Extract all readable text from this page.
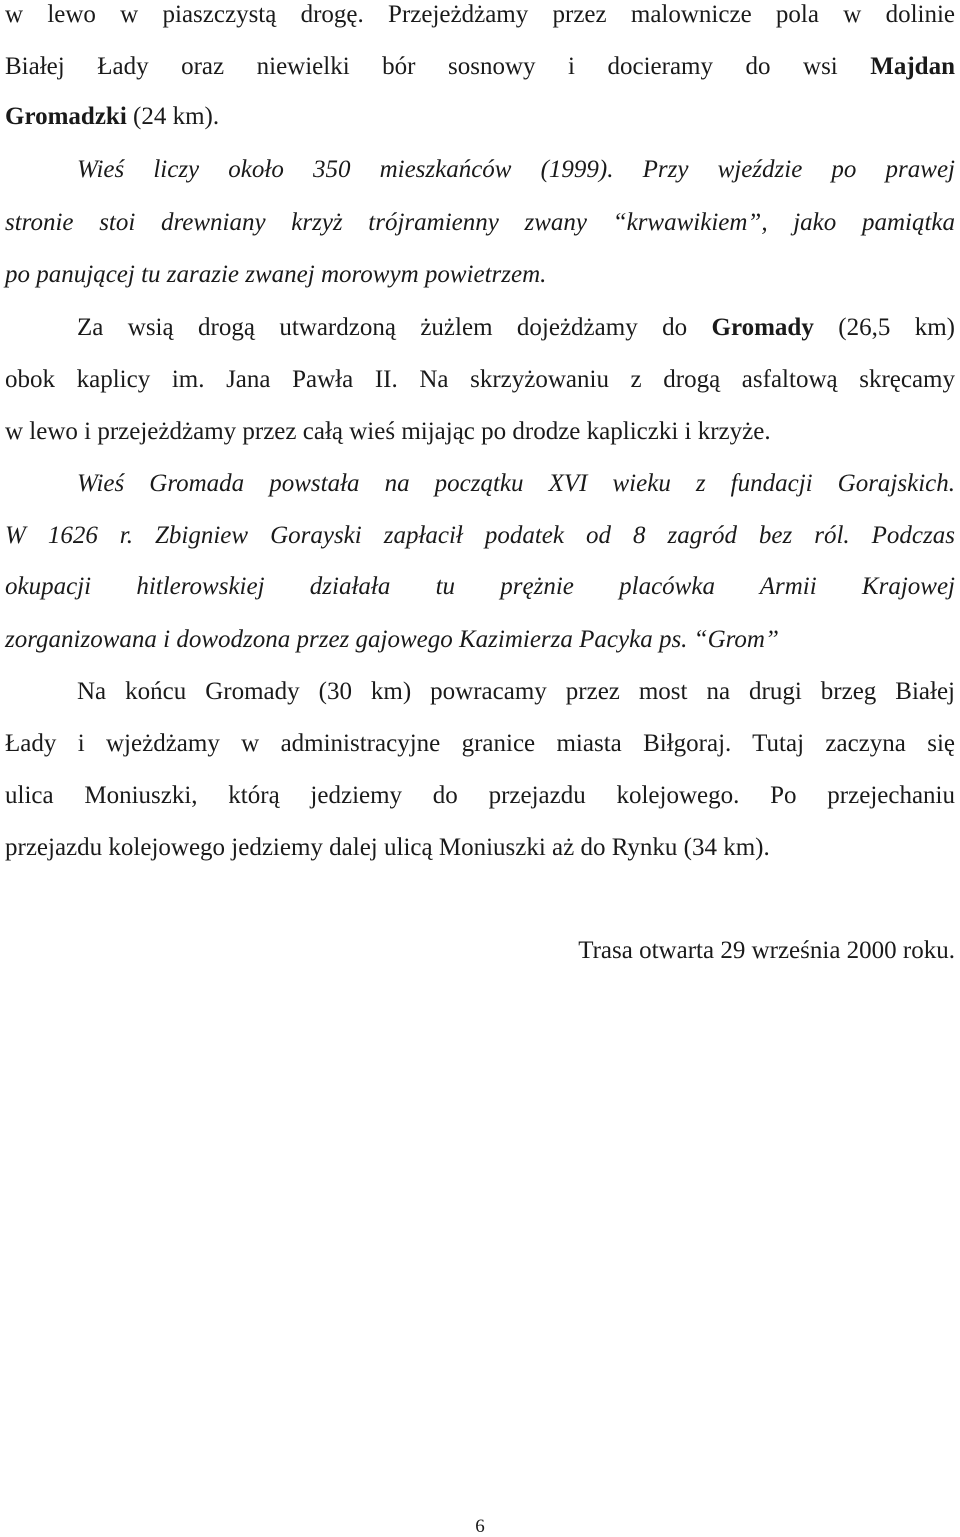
w lewo w piaszczystą drogę. Przejeżdżamy przez malownicze pola w dolinie
Białej Łady oraz niewielki bór sosnowy i docieramy do wsi Majdan
Gromadzki (24 km).
Wieś liczy około 350 mieszkańców (1999). Przy wjeździe po prawej
stronie stoi drewniany krzyż trójramienny zwany “krwawikiem”, jako pamiątka
po panującej tu zarazie zwanej morowym powietrzem.
Za wsią drogą utwardzoną żużlem dojeżdżamy do Gromady (26,5 km)
obok kaplicy im. Jana Pawła II. Na skrzyżowaniu z drogą asfaltową skręcamy
w lewo i przejeżdżamy przez całą wieś mijając po drodze kapliczki i krzyże.
Wieś Gromada powstała na początku XVI wieku z fundacji Gorajskich.
W 1626 r. Zbigniew Gorayski zapłacił podatek od 8 zagród bez ról. Podczas
okupacji hitlerowskiej działała tu prężnie placówka Armii Krajowej
zorganizowana i dowodzona przez gajowego Kazimierza Pacyka ps. “Grom”
Na końcu Gromady (30 km) powracamy przez most na drugi brzeg Białej
Łady i wjeżdżamy w administracyjne granice miasta Biłgoraj. Tutaj zaczyna się
ulica Moniuszki, którą jedziemy do przejazdu kolejowego. Po przejechaniu
przejazdu kolejowego jedziemy dalej ulicą Moniuszki aż do Rynku (34 km).
Trasa otwarta 29 września 2000 roku.
6
